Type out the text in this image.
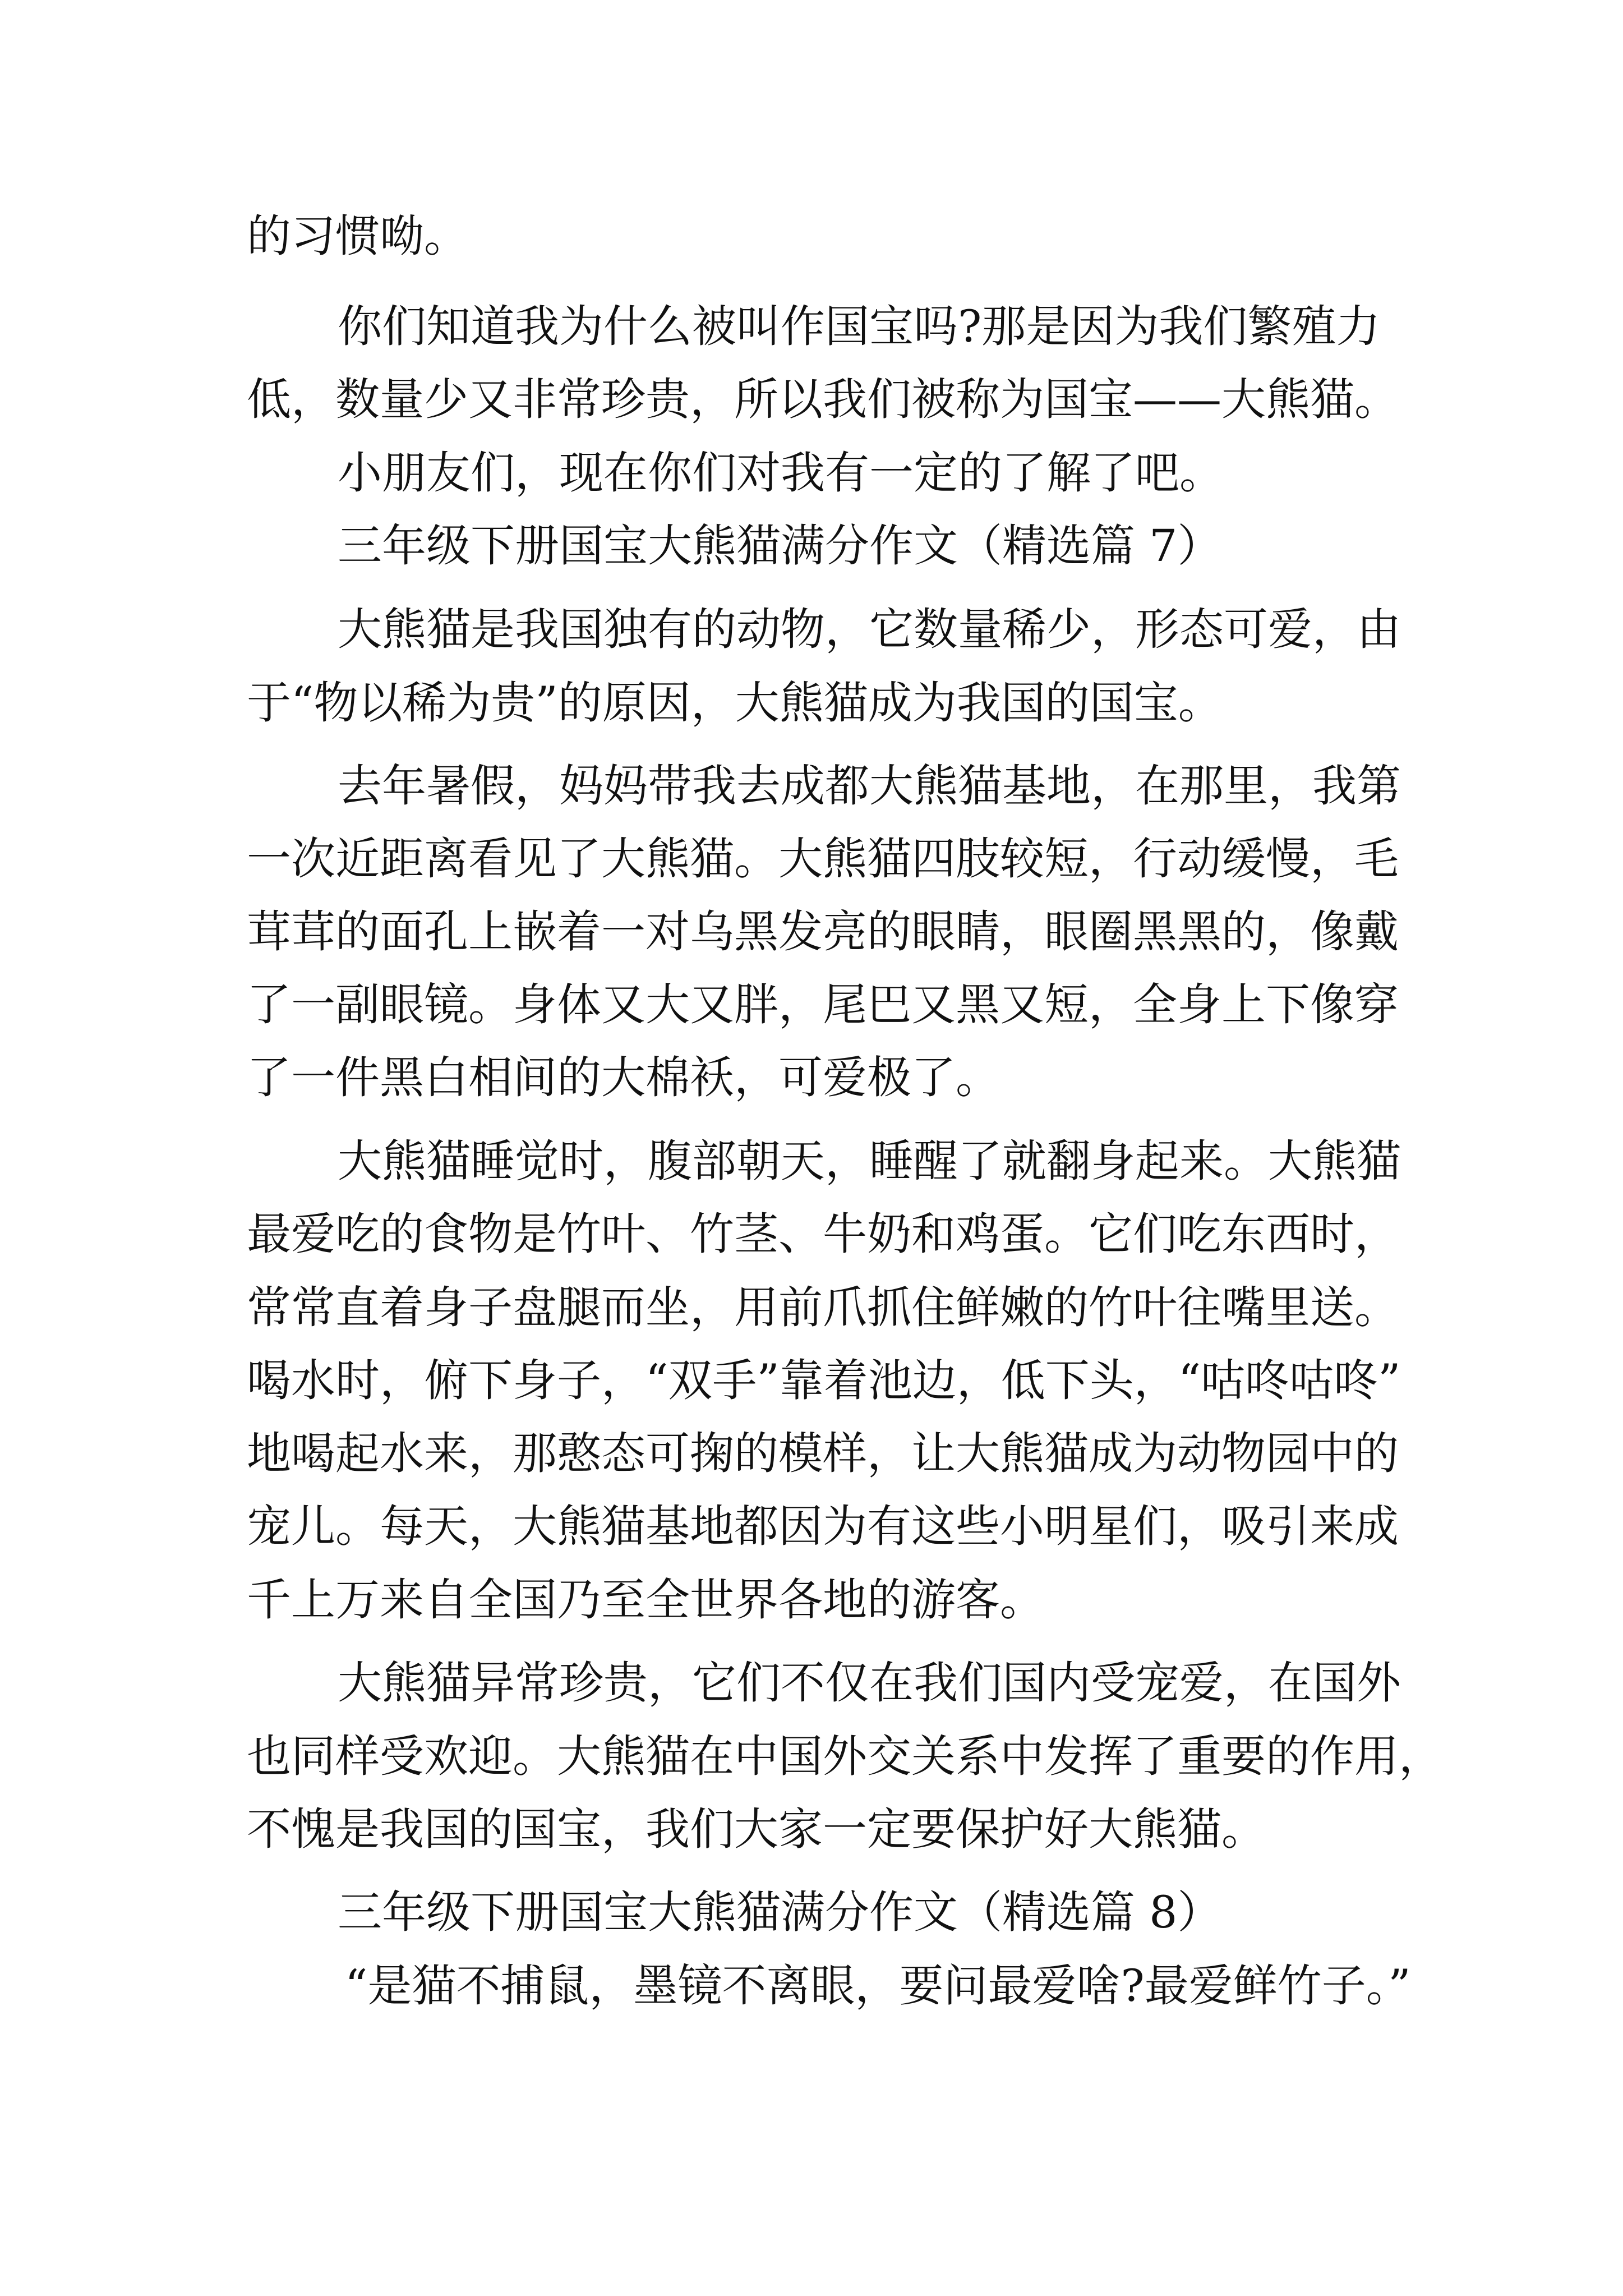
的习惯呦。
你们知道我为什么被叫作国宝吗?那是因为我们繁殖力
低，数量少又非常珍贵，所以我们被称为国宝——大熊猫。
小朋友们，现在你们对我有一定的了解了吧。
三年级下册国宝大熊猫满分作文（精选篇 7）
大熊猫是我国独有的动物，它数量稀少，形态可爱，由
于“物以稀为贵”的原因，大熊猫成为我国的国宝。
去年暑假，妈妈带我去成都大熊猫基地，在那里，我第
一次近距离看见了大熊猫。大熊猫四肢较短，行动缓慢，毛
茸茸的面孔上嵌着一对乌黑发亮的眼睛，眼圈黑黑的，像戴
了一副眼镜。身体又大又胖，尾巴又黑又短，全身上下像穿
了一件黑白相间的大棉袄，可爱极了。
大熊猫睡觉时，腹部朝天，睡醒了就翻身起来。大熊猫
最爱吃的食物是竹叶、竹茎、牛奶和鸡蛋。它们吃东西时，
常常直着身子盘腿而坐，用前爪抓住鲜嫩的竹叶往嘴里送。
喝水时，俯下身子，“双手”靠着池边，低下头，“咕咚咕咚”
地喝起水来，那憨态可掬的模样，让大熊猫成为动物园中的
宠儿。每天，大熊猫基地都因为有这些小明星们，吸引来成
千上万来自全国乃至全世界各地的游客。
大熊猫异常珍贵，它们不仅在我们国内受宠爱，在国外
也同样受欢迎。大熊猫在中国外交关系中发挥了重要的作用，
不愧是我国的国宝，我们大家一定要保护好大熊猫。
三年级下册国宝大熊猫满分作文（精选篇 8）
“是猫不捕鼠，墨镜不离眼，要问最爱啥?最爱鲜竹子。”
